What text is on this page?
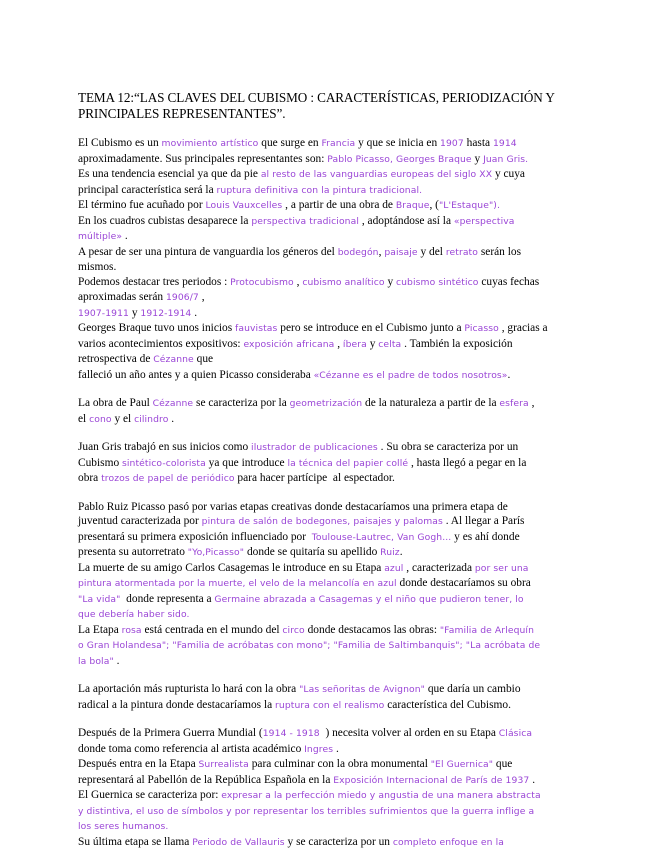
TEMA 12:“LAS CLAVES DEL CUBISMO : CARACTERÍSTICAS, PERIODIZACIÓN Y PRINCIPALES REPRESENTANTES”.
El Cubismo es un movimiento artístico que surge en Francia y que se inicia en 1907 hasta 1914
aproximadamente. Sus principales representantes son: Pablo Picasso, Georges Braque y Juan Gris.
Es una tendencia esencial ya que da pie al resto de las vanguardias europeas del siglo XX y cuya
principal característica será la ruptura definitiva con la pintura tradicional.
El término fue acuñado por Louis Vauxcelles , a partir de una obra de Braque, ("L'Estaque").
En los cuadros cubistas desaparece la perspectiva tradicional , adoptándose así la «perspectiva
múltiple» .
A pesar de ser una pintura de vanguardia los géneros del bodegón, paisaje y del retrato serán los
mismos.
Podemos destacar tres periodos : Protocubismo , cubismo analítico y cubismo sintético cuyas fechas
aproximadas serán 1906/7 ,
1907-1911 y 1912-1914 .
Georges Braque tuvo unos inicios fauvistas pero se introduce en el Cubismo junto a Picasso , gracias a
varios acontecimientos expositivos: exposición africana , íbera y celta . También la exposición
retrospectiva de Cézanne que
falleció un año antes y a quien Picasso consideraba «Cézanne es el padre de todos nosotros».
La obra de Paul Cézanne se caracteriza por la geometrización de la naturaleza a partir de la esfera ,
el cono y el cilindro .
Juan Gris trabajó en sus inicios como ilustrador de publicaciones . Su obra se caracteriza por un
Cubismo sintético-colorista ya que introduce la técnica del papier collé , hasta llegó a pegar en la
obra trozos de papel de periódico para hacer partícipe  al espectador.
Pablo Ruiz Picasso pasó por varias etapas creativas donde destacaríamos una primera etapa de
juventud caracterizada por pintura de salón de bodegones, paisajes y palomas . Al llegar a París
presentará su primera exposición influenciado por  Toulouse-Lautrec, Van Gogh... y es ahí donde
presenta su autorretrato "Yo,Picasso" donde se quitaría su apellido Ruiz.
La muerte de su amigo Carlos Casagemas le introduce en su Etapa azul , caracterizada por ser una
pintura atormentada por la muerte, el velo de la melancolía en azul donde destacaríamos su obra
"La vida"  donde representa a Germaine abrazada a Casagemas y el niño que pudieron tener, lo
que debería haber sido.
La Etapa rosa está centrada en el mundo del circo donde destacamos las obras: "Familia de Arlequín
o Gran Holandesa"; "Familia de acróbatas con mono"; "Familia de Saltimbanquis"; "La acróbata de
la bola" .
La aportación más rupturista lo hará con la obra "Las señoritas de Avignon" que daría un cambio
radical a la pintura donde destacaríamos la ruptura con el realismo característica del Cubismo.
Después de la Primera Guerra Mundial (1914 - 1918  ) necesita volver al orden en su Etapa Clásica
donde toma como referencia al artista académico Ingres .
Después entra en la Etapa Surrealista para culminar con la obra monumental "El Guernica" que
representará al Pabellón de la República Española en la Exposición Internacional de París de 1937 .
El Guernica se caracteriza por: expresar a la perfección miedo y angustia de una manera abstracta
y distintiva, el uso de símbolos y por representar los terribles sufrimientos que la guerra inflige a
los seres humanos.
Su última etapa se llama Periodo de Vallauris y se caracteriza por un completo enfoque en la
